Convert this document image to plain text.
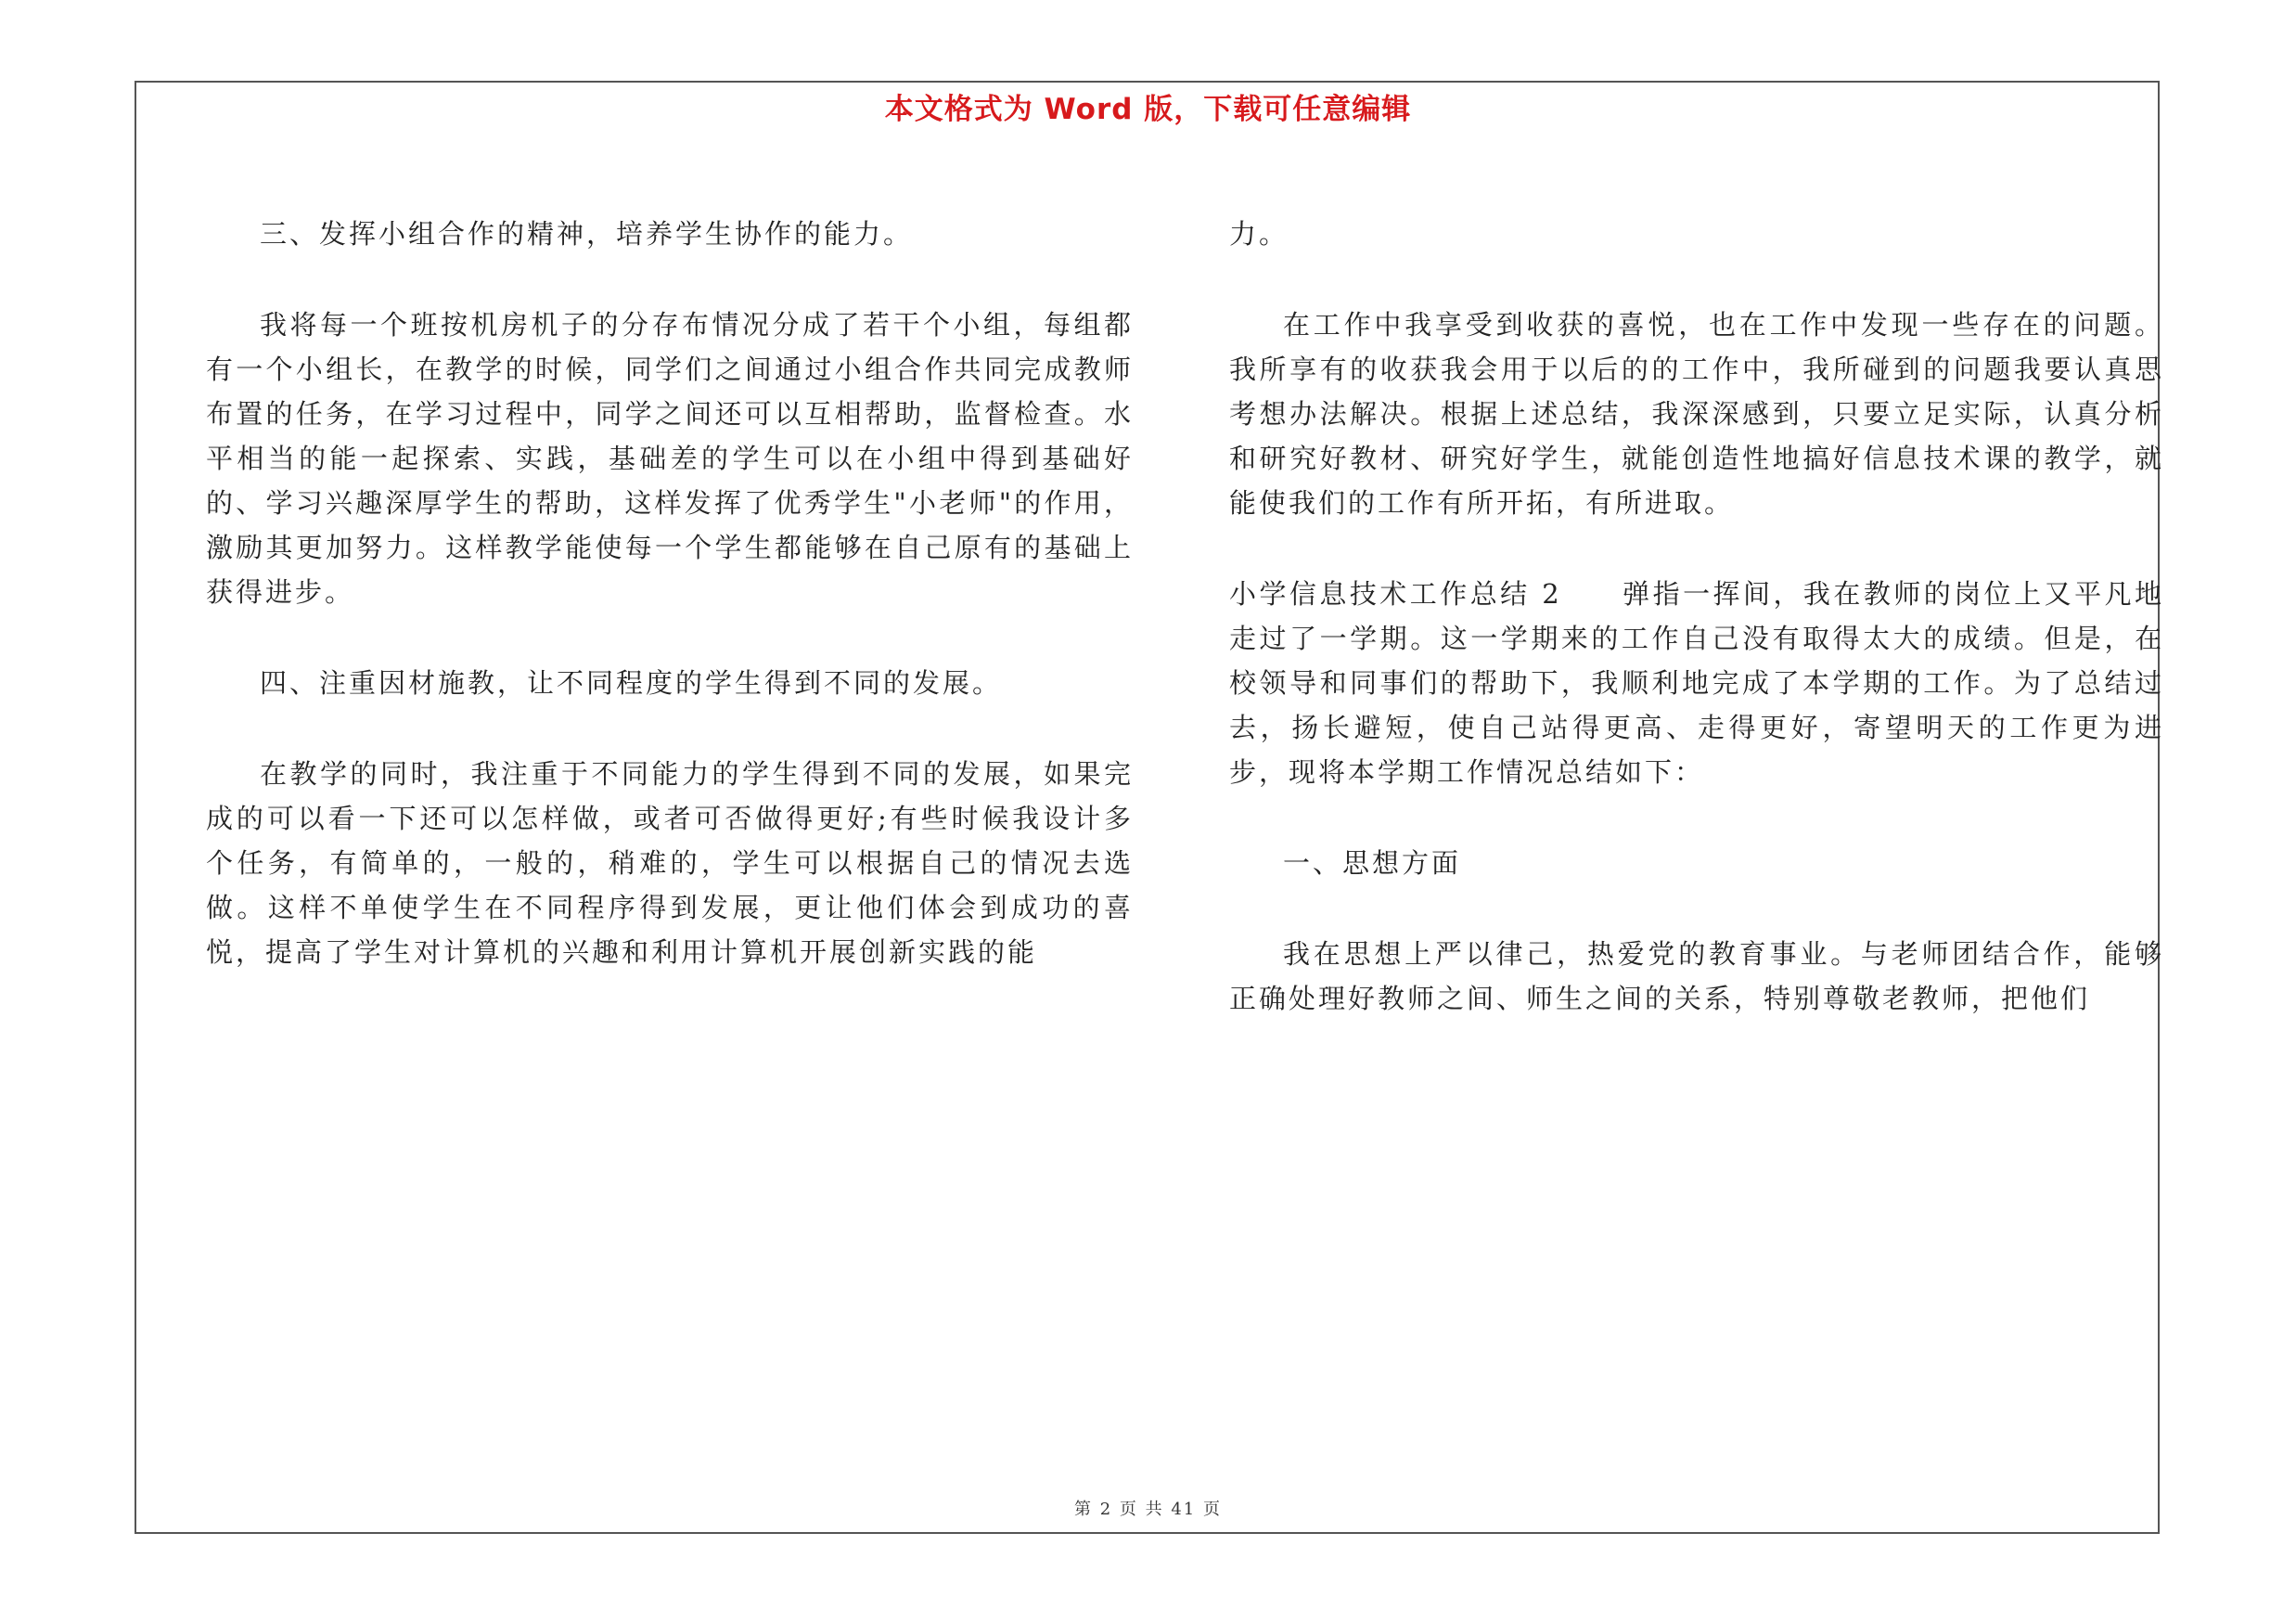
本文格式为 Word 版，下载可任意编辑

三、发挥小组合作的精神，培养学生协作的能力。

我将每一个班按机房机子的分存布情况分成了若干个小组，每组都有一个小组长，在教学的时候，同学们之间通过小组合作共同完成教师布置的任务，在学习过程中，同学之间还可以互相帮助，监督检查。水平相当的能一起探索、实践，基础差的学生可以在小组中得到基础好的、学习兴趣深厚学生的帮助，这样发挥了优秀学生"小老师"的作用，激励其更加努力。这样教学能使每一个学生都能够在自己原有的基础上获得进步。

四、注重因材施教，让不同程度的学生得到不同的发展。

在教学的同时，我注重于不同能力的学生得到不同的发展，如果完成的可以看一下还可以怎样做，或者可否做得更好;有些时候我设计多个任务，有简单的，一般的，稍难的，学生可以根据自己的情况去选做。这样不单使学生在不同程序得到发展，更让他们体会到成功的喜悦，提高了学生对计算机的兴趣和利用计算机开展创新实践的能

力。

在工作中我享受到收获的喜悦，也在工作中发现一些存在的问题。我所享有的收获我会用于以后的的工作中，我所碰到的问题我要认真思考想办法解决。根据上述总结，我深深感到，只要立足实际，认真分析和研究好教材、研究好学生，就能创造性地搞好信息技术课的教学，就能使我们的工作有所开拓，有所进取。

小学信息技术工作总结 2　　弹指一挥间，我在教师的岗位上又平凡地走过了一学期。这一学期来的工作自己没有取得太大的成绩。但是，在校领导和同事们的帮助下，我顺利地完成了本学期的工作。为了总结过去，扬长避短，使自己站得更高、走得更好，寄望明天的工作更为进步，现将本学期工作情况总结如下：

一、思想方面

我在思想上严以律己，热爱党的教育事业。与老师团结合作，能够正确处理好教师之间、师生之间的关系，特别尊敬老教师，把他们

第 2 页 共 41 页
